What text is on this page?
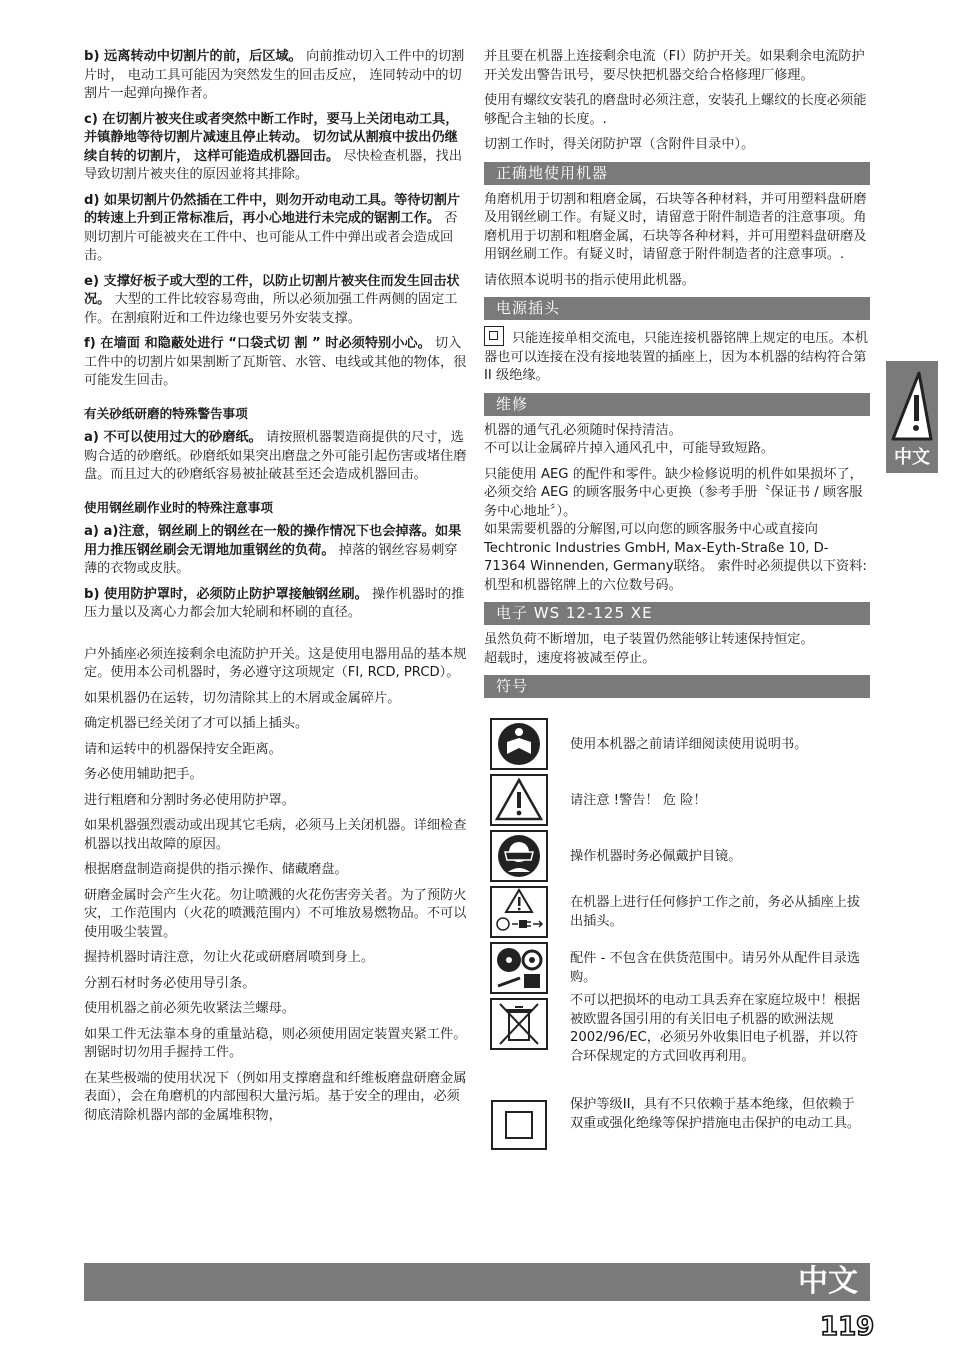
b) 远离转动中切割片的前，后区域。 向前推动切入工件中的切割片时， 电动工具可能因为突然发生的回击反应， 连同转动中的切割片一起弹向操作者。

c) 在切割片被夹住或者突然中断工作时，要马上关闭电动工具，并镇静地等待切割片减速且停止转动。 切勿试从割痕中拔出仍继续自转的切割片， 这样可能造成机器回击。 尽快检查机器，找出导致切割片被夹住的原因並将其排除。

d) 如果切割片仍然插在工件中，则勿开动电动工具。等待切割片的转速上升到正常标准后，再小心地进行未完成的锯割工作。 否则切割片可能被夹在工件中、也可能从工件中弹出或者会造成回击。

e) 支撑好板子或大型的工件，以防止切割片被夹住而发生回击状况。 大型的工件比较容易弯曲，所以必须加强工件两侧的固定工作。在割痕附近和工件边缘也要另外安装支撑。

f) 在墙面 和隐蔽处进行 “口袋式切 割 ” 时必须特别小心。 切入工件中的切割片如果割断了瓦斯管、水管、电线或其他的物体，很可能发生回击。

有关砂纸研磨的特殊警告事项

a) 不可以使用过大的砂磨纸。 请按照机器製造商提供的尺寸，选购合适的砂磨纸。砂磨纸如果突出磨盘之外可能引起伤害或堵住磨盘。而且过大的砂磨纸容易被扯破甚至还会造成机器回击。

使用钢丝刷作业时的特殊注意事项

a) a)注意，钢丝刷上的钢丝在一般的操作情况下也会掉落。如果用力推压钢丝刷会无谓地加重钢丝的负荷。 掉落的钢丝容易刺穿薄的衣物或皮肤。

b) 使用防护罩时，必须防止防护罩接触钢丝刷。 操作机器时的推压力量以及离心力都会加大轮刷和杯刷的直径。

户外插座必须连接剩余电流防护开关。这是使用电器用品的基本规定。使用本公司机器时，务必遵守这项规定（FI, RCD, PRCD）。

如果机器仍在运转，切勿清除其上的木屑或金属碎片。

确定机器已经关闭了才可以插上插头。

请和运转中的机器保持安全距离。

务必使用辅助把手。

进行粗磨和分割时务必使用防护罩。

如果机器强烈震动或出现其它毛病，必须马上关闭机器。详细检查机器以找出故障的原因。

根据磨盘制造商提供的指示操作、储藏磨盘。

研磨金属时会产生火花。勿让喷溅的火花伤害旁关者。为了预防火灾，工作范围内（火花的喷溅范围内）不可堆放易燃物品。不可以使用吸尘装置。

握持机器时请注意，勿让火花或研磨屑喷到身上。

分割石材时务必使用导引条。

使用机器之前必须先收紧法兰螺母。

如果工件无法靠本身的重量站稳，则必须使用固定装置夹紧工件。割锯时切勿用手握持工件。

在某些极端的使用状况下（例如用支撑磨盘和纤维板磨盘研磨金属表面），会在角磨机的内部囤积大量污垢。基于安全的理由，必须彻底清除机器内部的金属堆积物，

并且要在机器上连接剩余电流（FI）防护开关。如果剩余电流防护开关发出警告讯号，要尽快把机器交给合格修理厂修理。

使用有螺纹安装孔的磨盘时必须注意，安装孔上螺纹的长度必须能够配合主轴的长度。.

切割工作时，得关闭防护罩（含附件目录中）。

正确地使用机器

角磨机用于切割和粗磨金属，石块等各种材料，并可用塑料盘研磨及用钢丝刷工作。有疑义时，请留意于附件制造者的注意事项。角磨机用于切割和粗磨金属，石块等各种材料，并可用塑料盘研磨及用钢丝刷工作。有疑义时，请留意于附件制造者的注意事项。.

请依照本说明书的指示使用此机器。

电源插头

只能连接单相交流电，只能连接机器铭牌上规定的电压。本机器也可以连接在没有接地装置的插座上，因为本机器的结构符合第II 级绝缘。

维修

机器的通气孔必须随时保持清洁。

不可以让金属碎片掉入通风孔中，可能导致短路。

只能使用 AEG 的配件和零件。缺少检修说明的机件如果损坏了，必须交给 AEG 的顾客服务中心更换（参考手册〝保证书 / 顾客服务中心地址〞）。

如果需要机器的分解图,可以向您的顾客服务中心或直接向 Techtronic Industries GmbH, Max-Eyth-Straße 10, D-71364 Winnenden, Germany联络。 索件时必须提供以下资料: 机型和机器铭牌上的六位数号码。

电子 WS 12-125 XE

虽然负荷不断增加，电子装置仍然能够让转速保持恒定。

超载时，速度将被减至停止。

符号
使用本机器之前请详细阅读使用说明书。
请注意 !警告！ 危 险！
操作机器时务必佩戴护目镜。
在机器上进行任何修护工作之前，务必从插座上拔出插头。
配件 - 不包含在供货范围中。请另外从配件目录选购。
不可以把损坏的电动工具丢弃在家庭垃圾中！根据被欧盟各国引用的有关旧电子机器的欧洲法规2002/96/EC，必须另外收集旧电子机器，并以符合环保规定的方式回收再利用。
保护等级II，具有不只依赖于基本绝缘，但依赖于双重或强化绝缘等保护措施电击保护的电动工具。
中文
中文
119
